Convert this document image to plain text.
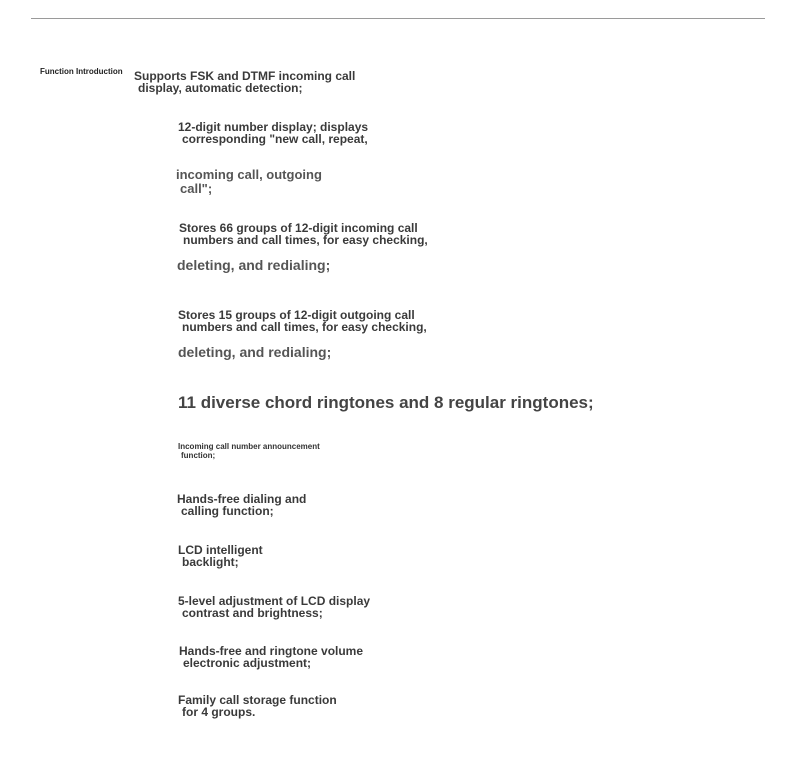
Function Introduction Supports FSK and DTMF incoming call
display, automatic detection;
12-digit number display; displays
corresponding "new call, repeat,
incoming call, outgoing
call";
Stores 66 groups of 12-digit incoming call
numbers and call times, for easy checking,
deleting, and redialing;
Stores 15 groups of 12-digit outgoing call
numbers and call times, for easy checking,
deleting, and redialing;
11 diverse chord ringtones and 8 regular ringtones;
Incoming call number announcement
function;
Hands-free dialing and
calling function;
LCD intelligent
backlight;
5-level adjustment of LCD display
contrast and brightness;
Hands-free and ringtone volume
electronic adjustment;
Family call storage function
for 4 groups.
